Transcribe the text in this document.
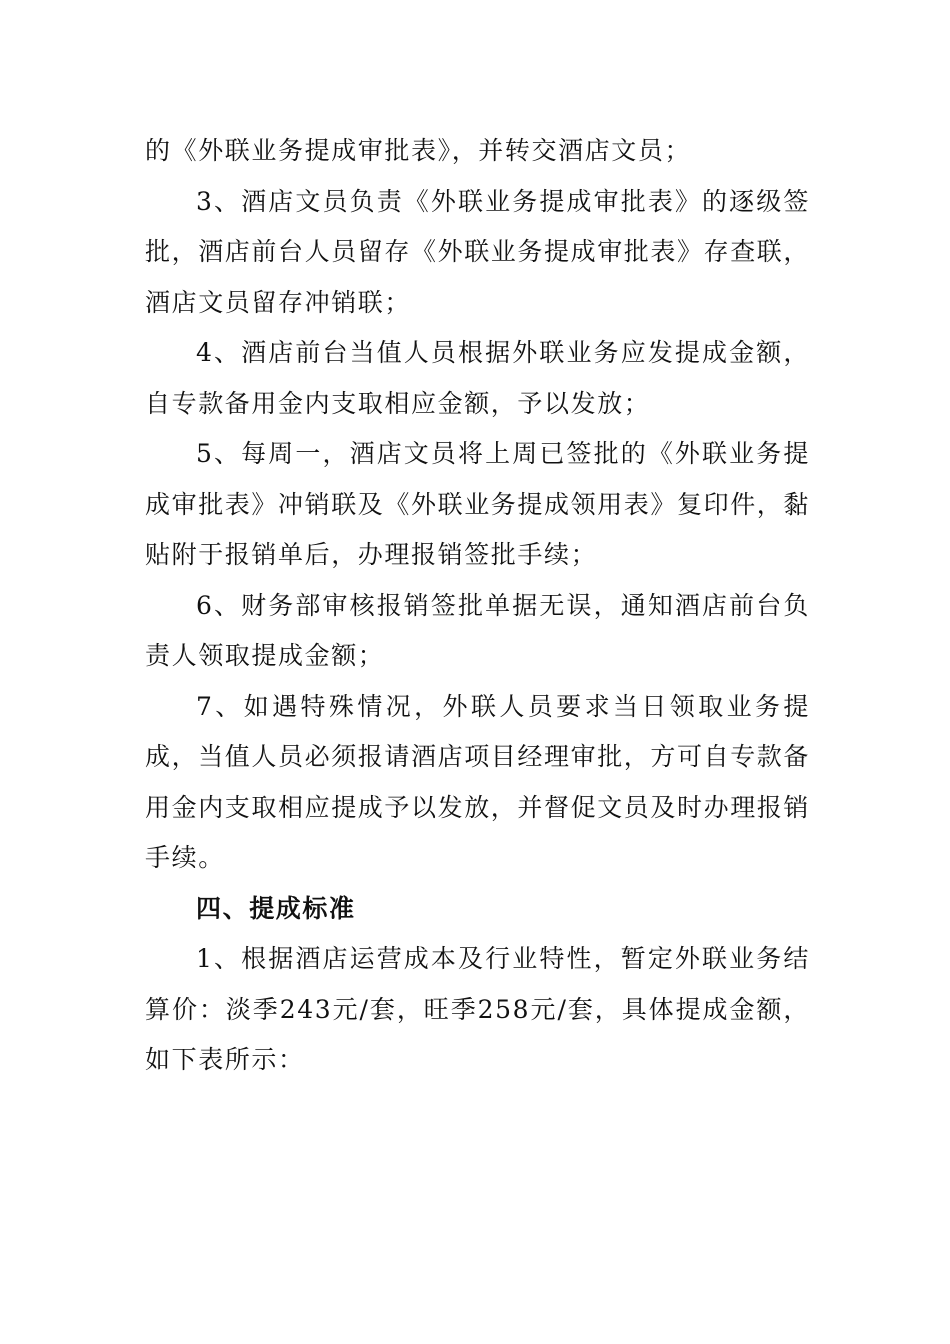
的《外联业务提成审批表》，并转交酒店文员；

3、酒店文员负责《外联业务提成审批表》的逐级签批，酒店前台人员留存《外联业务提成审批表》存查联，酒店文员留存冲销联；

4、酒店前台当值人员根据外联业务应发提成金额，自专款备用金内支取相应金额，予以发放；

5、每周一，酒店文员将上周已签批的《外联业务提成审批表》冲销联及《外联业务提成领用表》复印件，黏贴附于报销单后，办理报销签批手续；

6、财务部审核报销签批单据无误，通知酒店前台负责人领取提成金额；

7、如遇特殊情况，外联人员要求当日领取业务提成，当值人员必须报请酒店项目经理审批，方可自专款备用金内支取相应提成予以发放，并督促文员及时办理报销手续。

四、提成标准

1、根据酒店运营成本及行业特性，暂定外联业务结算价：淡季243元/套，旺季258元/套，具体提成金额，如下表所示：
